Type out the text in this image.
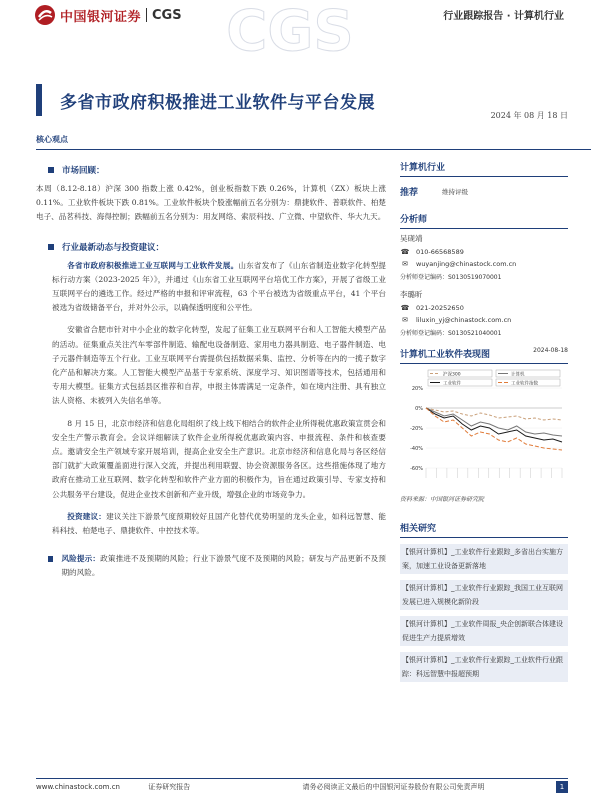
中国银河证券 CGS CGS	行业跟踪报告 · 计算机行业
多省市政府积极推进工业软件与平台发展
2024 年 08 月 18 日
核心观点
市场回顾：

本周（8.12-8.18）沪深 300 指数上涨 0.42%，创业板指数下跌 0.26%，计算机（ZX）板块上涨 0.11%。工业软件板块下跌 0.81%。工业软件板块个股涨幅前五名分别为：鼎捷软件、普联软件、柏楚电子、品茗科技、海得控制；跌幅前五名分别为：用友网络、索辰科技、广立微、中望软件、华大九天。

行业最新动态与投资建议：

各省市政府积极推进工业互联网与工业软件发展。山东省发布了《山东省制造业数字化转型提标行动方案（2023-2025 年）》，并通过《山东省工业互联网平台培优工作方案》，开展了省级工业互联网平台的遴选工作。经过严格的申报和评审流程，63 个平台被选为省级重点平台，41 个平台被选为省级储备平台，并对外公示，以确保透明度和公平性。

安徽省合肥市针对中小企业的数字化转型，发起了征集工业互联网平台和人工智能大模型产品的活动。征集重点关注汽车零部件制造、输配电设备制造、家用电力器具制造、电子器件制造、电子元器件制造等五个行业。工业互联网平台需提供包括数据采集、监控、分析等在内的一揽子数字化产品和解决方案。人工智能大模型产品基于专家系统、深度学习、知识图谱等技术，包括通用和专用大模型。征集方式包括县区推荐和自荐，申报主体需满足一定条件，如在境内注册、具有独立法人资格、未被列入失信名单等。

8 月 15 日，北京市经济和信息化局组织了线上线下相结合的软件企业所得税优惠政策宣贯会和安全生产警示教育会。会议详细解读了软件企业所得税优惠政策内容、申报流程、条件和核查要点。邀请安全生产领域专家开展培训，提高企业安全生产意识。北京市经济和信息化局与各区经信部门就扩大政策覆盖面进行深入交流，并提出利用联盟、协会资源服务各区。这些措施体现了地方政府在推动工业互联网、数字化转型和软件产业方面的积极作为，旨在通过政策引导、专家支持和公共服务平台建设，促进企业技术创新和产业升级，增强企业的市场竞争力。

投资建议：建议关注下游景气度预期较好且国产化替代优势明显的龙头企业，如科远智慧、能科科技、柏楚电子、鼎捷软件、中控技术等。

风险提示：政策推进不及预期的风险；行业下游景气度不及预期的风险；研发与产品更新不及预期的风险。

计算机行业
推荐	维持评级
分析师
吴砚靖
☎ 010-66568589
✉	wuyanjing@chinastock.com.cn
分析师登记编码：S0130519070001
李璐昕
☎ 021-20252650
✉	liluxin_yj@chinastock.com.cn
分析师登记编码：S0130521040001
计算机工业软件表现图	2024-08-18
沪深300	计算机
工业软件	工业软件指数
20%
0%
-20%
-40%
-60%
资料来源：中国银河证券研究院
相关研究
【银河计算机】_工业软件行业跟踪_多省出台实施方案，加速工业设备更新落地
【银河计算机】_工业软件行业跟踪_我国工业互联网发展已进入规模化新阶段
【银河计算机】_工业软件周报_央企创新联合体建设促进生产力提质增效
【银河计算机】_工业软件行业跟踪_工业软件行业跟踪：科远智慧中报超预期
www.chinastock.com.cn	证券研究报告	请务必阅读正文最后的中国银河证券股份有限公司免责声明	1
